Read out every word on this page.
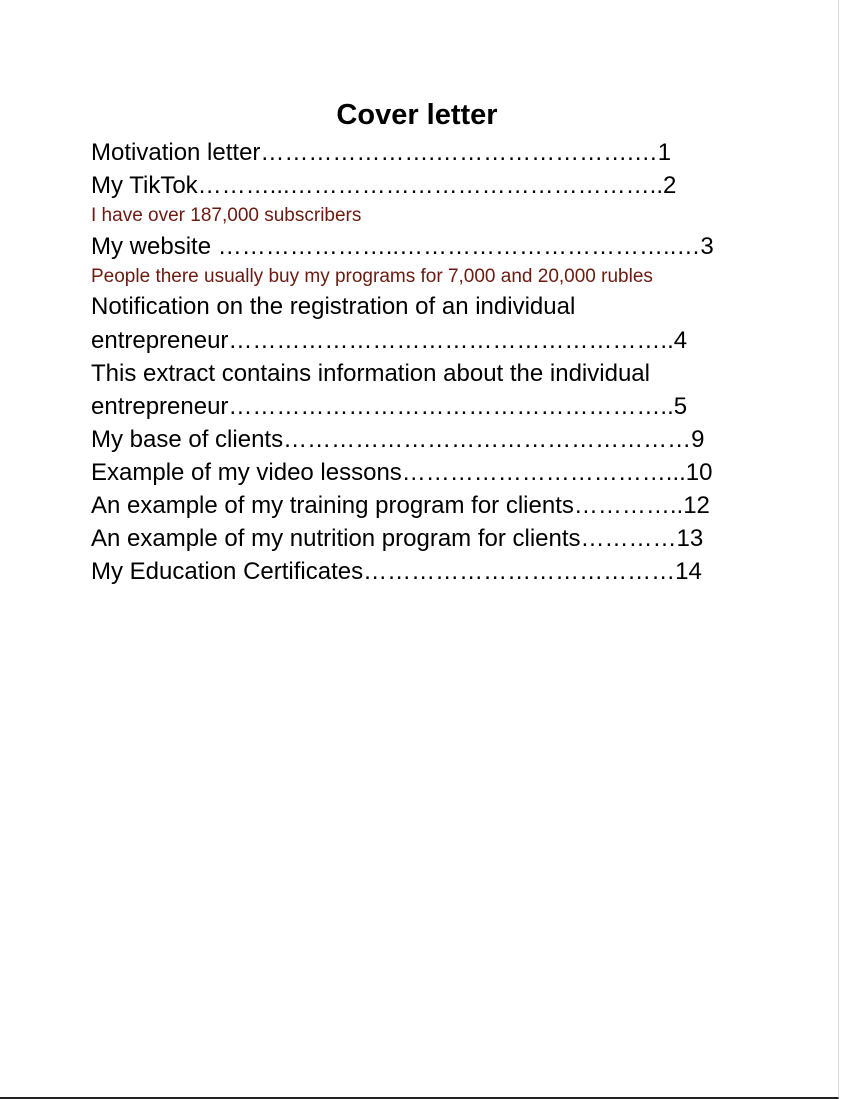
Cover letter
Motivation letter………………….…………………….…1
My TikTok………...………………………………………..2
I have over 187,000 subscribers
My website …………………..……………………………..…3
People there usually buy my programs for 7,000 and 20,000 rubles
Notification on the registration of an individual
entrepreneur………………………………………………..4
This extract contains information about the individual
entrepreneur………………………………………………..5
My base of clients……………………………………………9
Example of my video lessons……………………………...10
An example of my training program for clients…………..12
An example of my nutrition program for clients…………13
My Education Certificates…………………………………14
